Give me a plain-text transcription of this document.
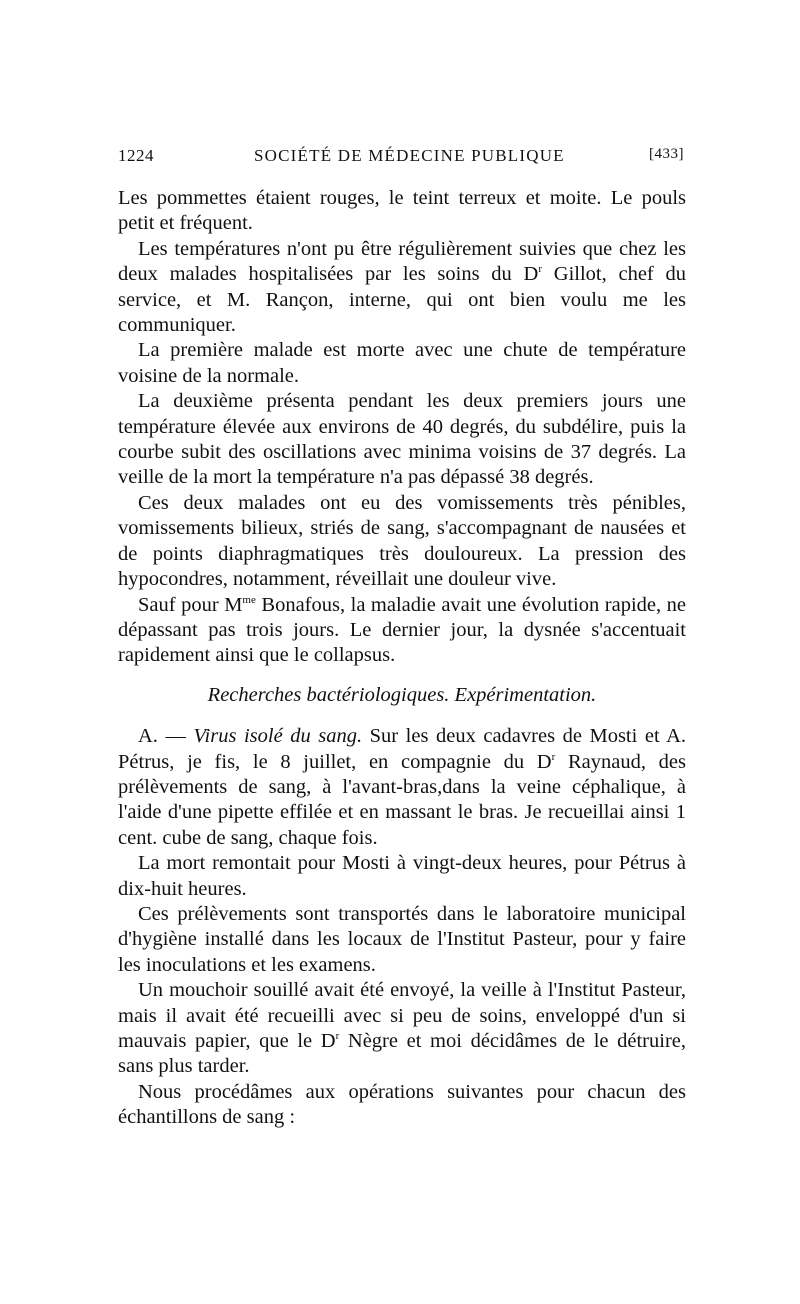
1224	SOCIÉTÉ DE MÉDECINE PUBLIQUE	[433]

Les pommettes étaient rouges, le teint terreux et moite. Le pouls petit et fréquent.

Les températures n'ont pu être régulièrement suivies que chez les deux malades hospitalisées par les soins du $D^r$ Gillot, chef du service, et M. Rançon, interne, qui ont bien voulu me les communiquer.

La première malade est morte avec une chute de température voisine de la normale.

La deuxième présenta pendant les deux premiers jours une température élevée aux environs de 40 degrés, du subdélire, puis la courbe subit des oscillations avec minima voisins de 37 degrés. La veille de la mort la température n'a pas dépassé 38 degrés.

Ces deux malades ont eu des vomissements très pénibles, vomissements bilieux, striés de sang, s'accompagnant de nausées et de points diaphragmatiques très douloureux. La pression des hypocondres, notamment, réveillait une douleur vive.

Sauf pour $M^{me}$ Bonafous, la maladie avait une évolution rapide, ne dépassant pas trois jours. Le dernier jour, la dysnée s'accentuait rapidement ainsi que le collapsus.

Recherches bactériologiques. Expérimentation.

A. — Virus isolé du sang. Sur les deux cadavres de Mosti et A. Pétrus, je fis, le 8 juillet, en compagnie du $D^r$ Raynaud, des prélèvements de sang, à l'avant-bras,dans la veine céphalique, à l'aide d'une pipette effilée et en massant le bras. Je recueillai ainsi 1 cent. cube de sang, chaque fois.

La mort remontait pour Mosti à vingt-deux heures, pour Pétrus à dix-huit heures.

Ces prélèvements sont transportés dans le laboratoire municipal d'hygiène installé dans les locaux de l'Institut Pasteur, pour y faire les inoculations et les examens.

Un mouchoir souillé avait été envoyé, la veille à l'Institut Pasteur, mais il avait été recueilli avec si peu de soins, enveloppé d'un si mauvais papier, que le $D^r$ Nègre et moi décidâmes de le détruire, sans plus tarder.

Nous procédâmes aux opérations suivantes pour chacun des échantillons de sang :
